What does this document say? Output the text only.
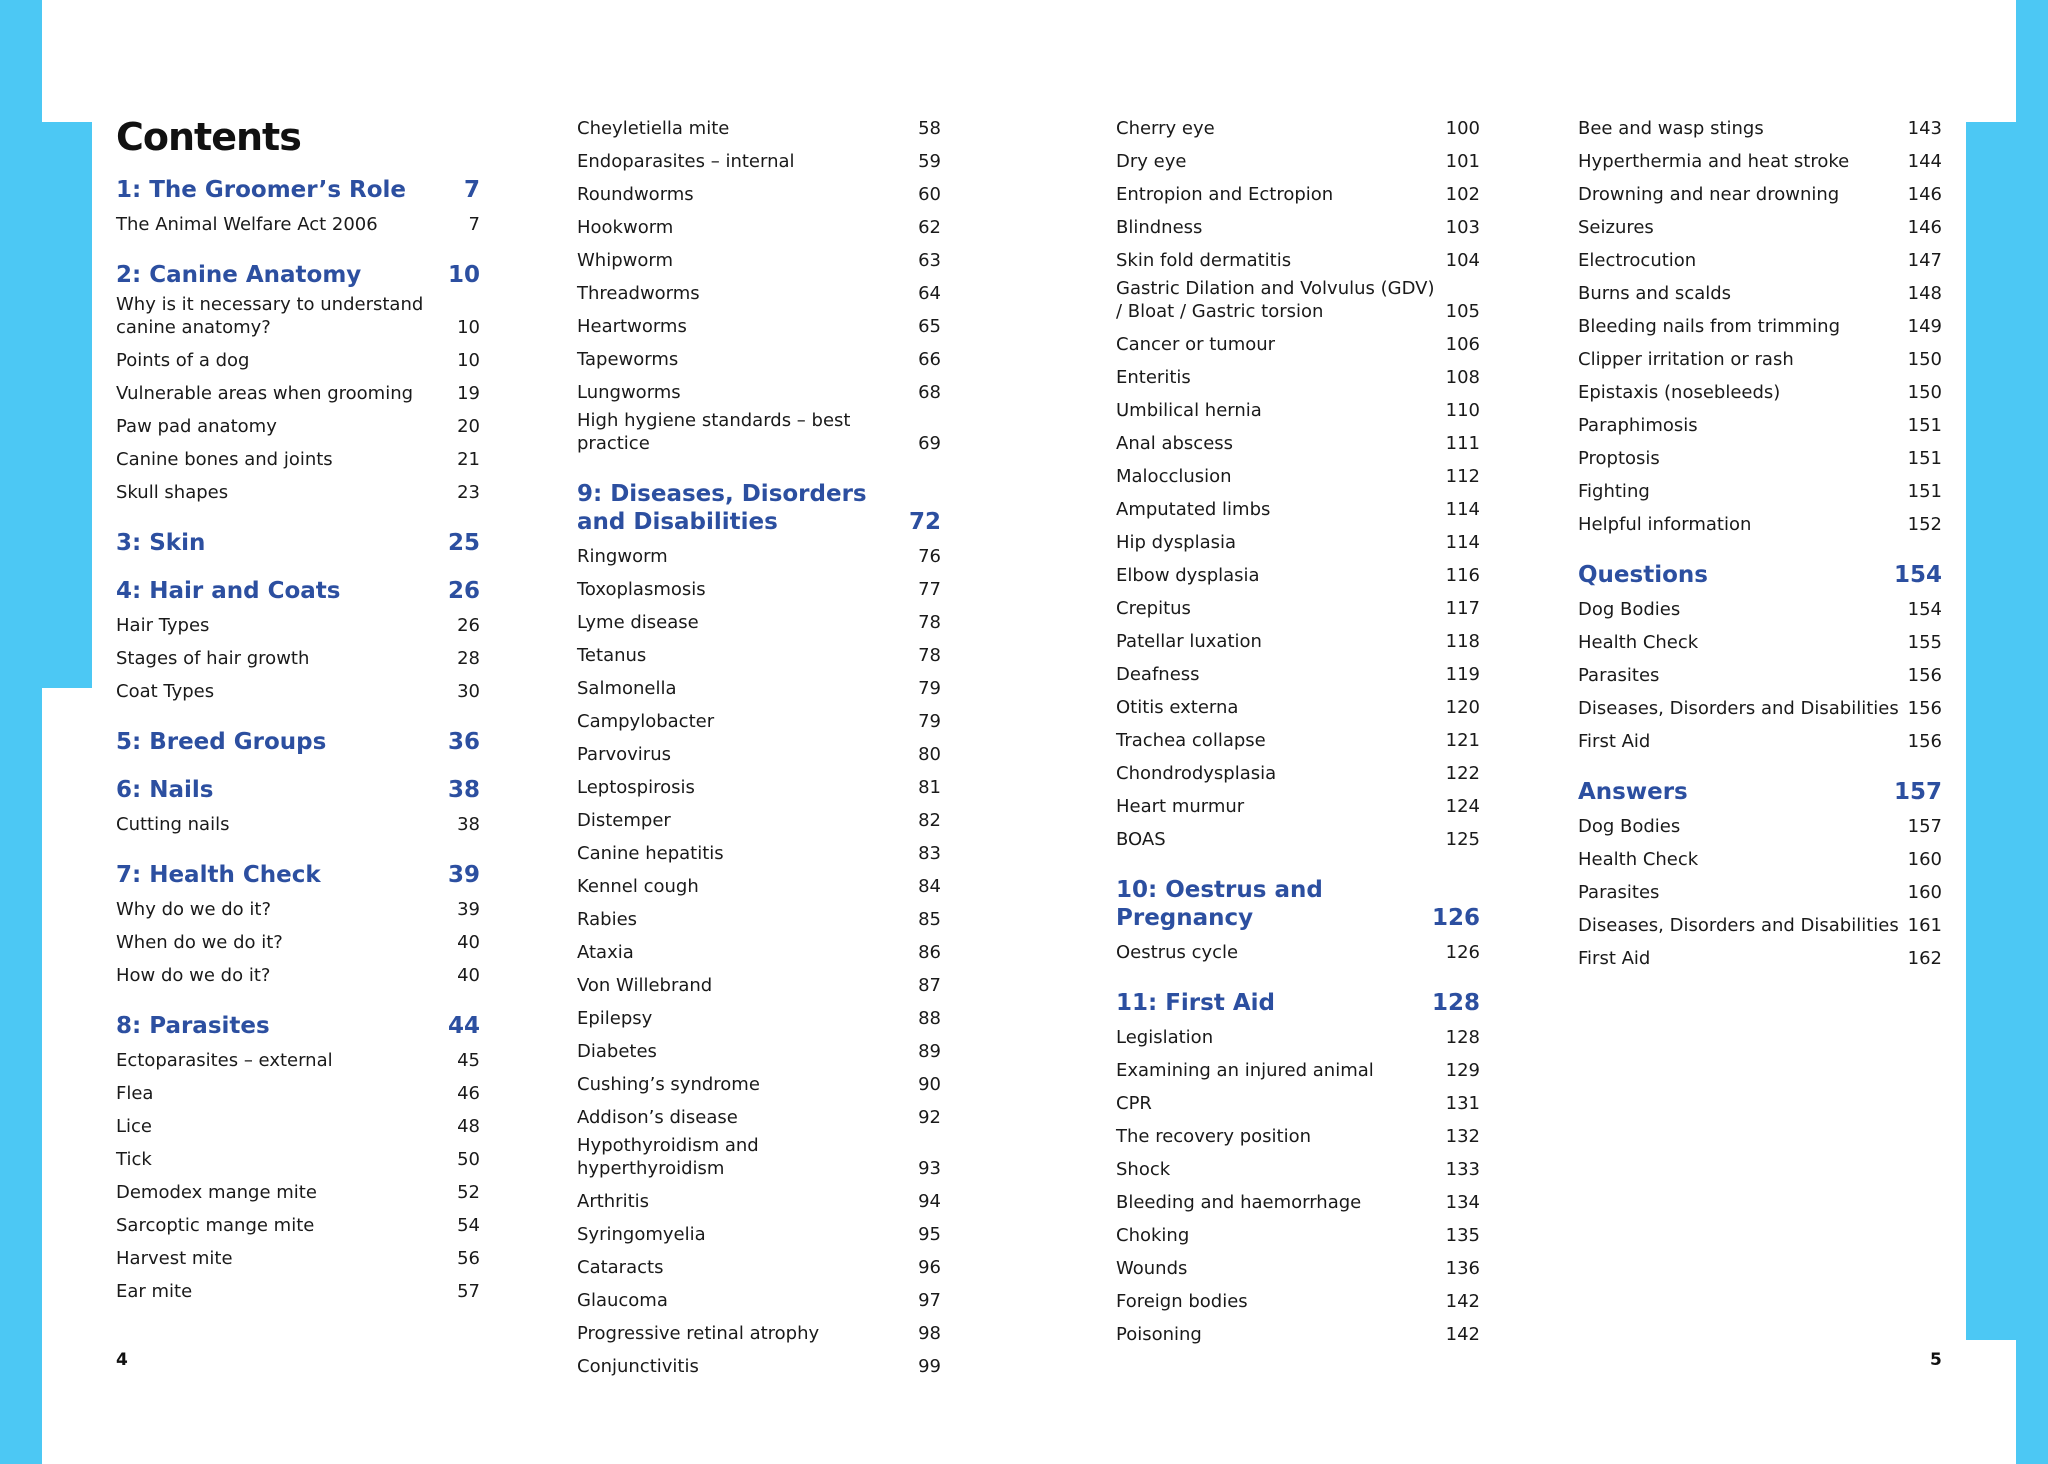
Contents
1: The Groomer’s Role	7
The Animal Welfare Act 2006	7
2: Canine Anatomy	10
Why is it necessary to understand canine anatomy?	10
Points of a dog	10
Vulnerable areas when grooming	19
Paw pad anatomy	20
Canine bones and joints	21
Skull shapes	23
3: Skin	25
4: Hair and Coats	26
Hair Types	26
Stages of hair growth	28
Coat Types	30
5: Breed Groups	36
6: Nails	38
Cutting nails	38
7: Health Check	39
Why do we do it?	39
When do we do it?	40
How do we do it?	40
8: Parasites	44
Ectoparasites – external	45
Flea	46
Lice	48
Tick	50
Demodex mange mite	52
Sarcoptic mange mite	54
Harvest mite	56
Ear mite	57
Cheyletiella mite	58
Endoparasites – internal	59
Roundworms	60
Hookworm	62
Whipworm	63
Threadworms	64
Heartworms	65
Tapeworms	66
Lungworms	68
High hygiene standards – best practice	69
9: Diseases, Disorders and Disabilities	72
Ringworm	76
Toxoplasmosis	77
Lyme disease	78
Tetanus	78
Salmonella	79
Campylobacter	79
Parvovirus	80
Leptospirosis	81
Distemper	82
Canine hepatitis	83
Kennel cough	84
Rabies	85
Ataxia	86
Von Willebrand	87
Epilepsy	88
Diabetes	89
Cushing’s syndrome	90
Addison’s disease	92
Hypothyroidism and hyperthyroidism	93
Arthritis	94
Syringomyelia	95
Cataracts	96
Glaucoma	97
Progressive retinal atrophy	98
Conjunctivitis	99
Cherry eye	100
Dry eye	101
Entropion and Ectropion	102
Blindness	103
Skin fold dermatitis	104
Gastric Dilation and Volvulus (GDV) / Bloat / Gastric torsion	105
Cancer or tumour	106
Enteritis	108
Umbilical hernia	110
Anal abscess	111
Malocclusion	112
Amputated limbs	114
Hip dysplasia	114
Elbow dysplasia	116
Crepitus	117
Patellar luxation	118
Deafness	119
Otitis externa	120
Trachea collapse	121
Chondrodysplasia	122
Heart murmur	124
BOAS	125
10: Oestrus and Pregnancy	126
Oestrus cycle	126
11: First Aid	128
Legislation	128
Examining an injured animal	129
CPR	131
The recovery position	132
Shock	133
Bleeding and haemorrhage	134
Choking	135
Wounds	136
Foreign bodies	142
Poisoning	142
Bee and wasp stings	143
Hyperthermia and heat stroke	144
Drowning and near drowning	146
Seizures	146
Electrocution	147
Burns and scalds	148
Bleeding nails from trimming	149
Clipper irritation or rash	150
Epistaxis (nosebleeds)	150
Paraphimosis	151
Proptosis	151
Fighting	151
Helpful information	152
Questions	154
Dog Bodies	154
Health Check	155
Parasites	156
Diseases, Disorders and Disabilities 156
First Aid	156
Answers	157
Dog Bodies	157
Health Check	160
Parasites	160
Diseases, Disorders and Disabilities 161
First Aid	162
4	5
